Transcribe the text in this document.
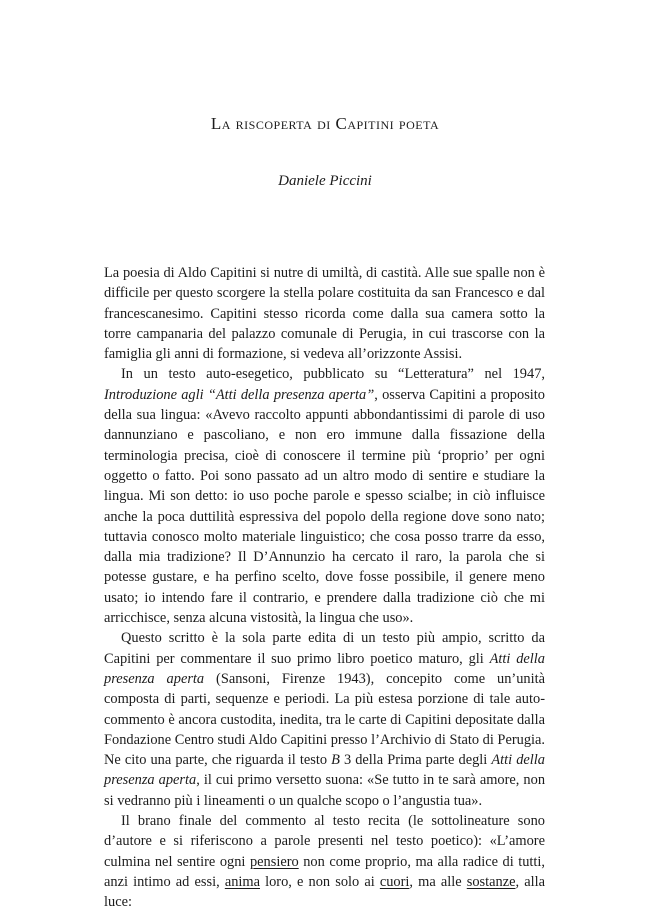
La riscoperta di Capitini poeta
Daniele Piccini

La poesia di Aldo Capitini si nutre di umiltà, di castità. Alle sue spalle non è difficile per questo scorgere la stella polare costituita da san Francesco e dal francescanesimo. Capitini stesso ricorda come dalla sua camera sotto la torre campanaria del palazzo comunale di Perugia, in cui trascorse con la famiglia gli anni di formazione, si vedeva all’orizzonte Assisi.

In un testo auto-esegetico, pubblicato su “Letteratura” nel 1947, Introduzione agli “Atti della presenza aperta”, osserva Capitini a proposito della sua lingua: «Avevo raccolto appunti abbondantissimi di parole di uso dannunziano e pascoliano, e non ero immune dalla fissazione della terminologia precisa, cioè di conoscere il termine più ‘proprio’ per ogni oggetto o fatto. Poi sono passato ad un altro modo di sentire e studiare la lingua. Mi son detto: io uso poche parole e spesso scialbe; in ciò influisce anche la poca duttilità espressiva del popolo della regione dove sono nato; tuttavia conosco molto materiale linguistico; che cosa posso trarre da esso, dalla mia tradizione? Il D’Annunzio ha cercato il raro, la parola che si potesse gustare, e ha perfino scelto, dove fosse possibile, il genere meno usato; io intendo fare il contrario, e prendere dalla tradizione ciò che mi arricchisce, senza alcuna vistosità, la lingua che uso».

Questo scritto è la sola parte edita di un testo più ampio, scritto da Capitini per commentare il suo primo libro poetico maturo, gli Atti della presenza aperta (Sansoni, Firenze 1943), concepito come un’unità composta di parti, sequenze e periodi. La più estesa porzione di tale auto-commento è ancora custodita, inedita, tra le carte di Capitini depositate dalla Fondazione Centro studi Aldo Capitini presso l’Archivio di Stato di Perugia. Ne cito una parte, che riguarda il testo B 3 della Prima parte degli Atti della presenza aperta, il cui primo versetto suona: «Se tutto in te sarà amore, non si vedranno più i lineamenti o un qualche scopo o l’angustia tua».

Il brano finale del commento al testo recita (le sottolineature sono d’autore e si riferiscono a parole presenti nel testo poetico): «L’amore culmina nel sentire ogni pensiero non come proprio, ma alla radice di tutti, anzi intimo ad essi, anima loro, e non solo ai cuori, ma alle sostanze, alla luce:
